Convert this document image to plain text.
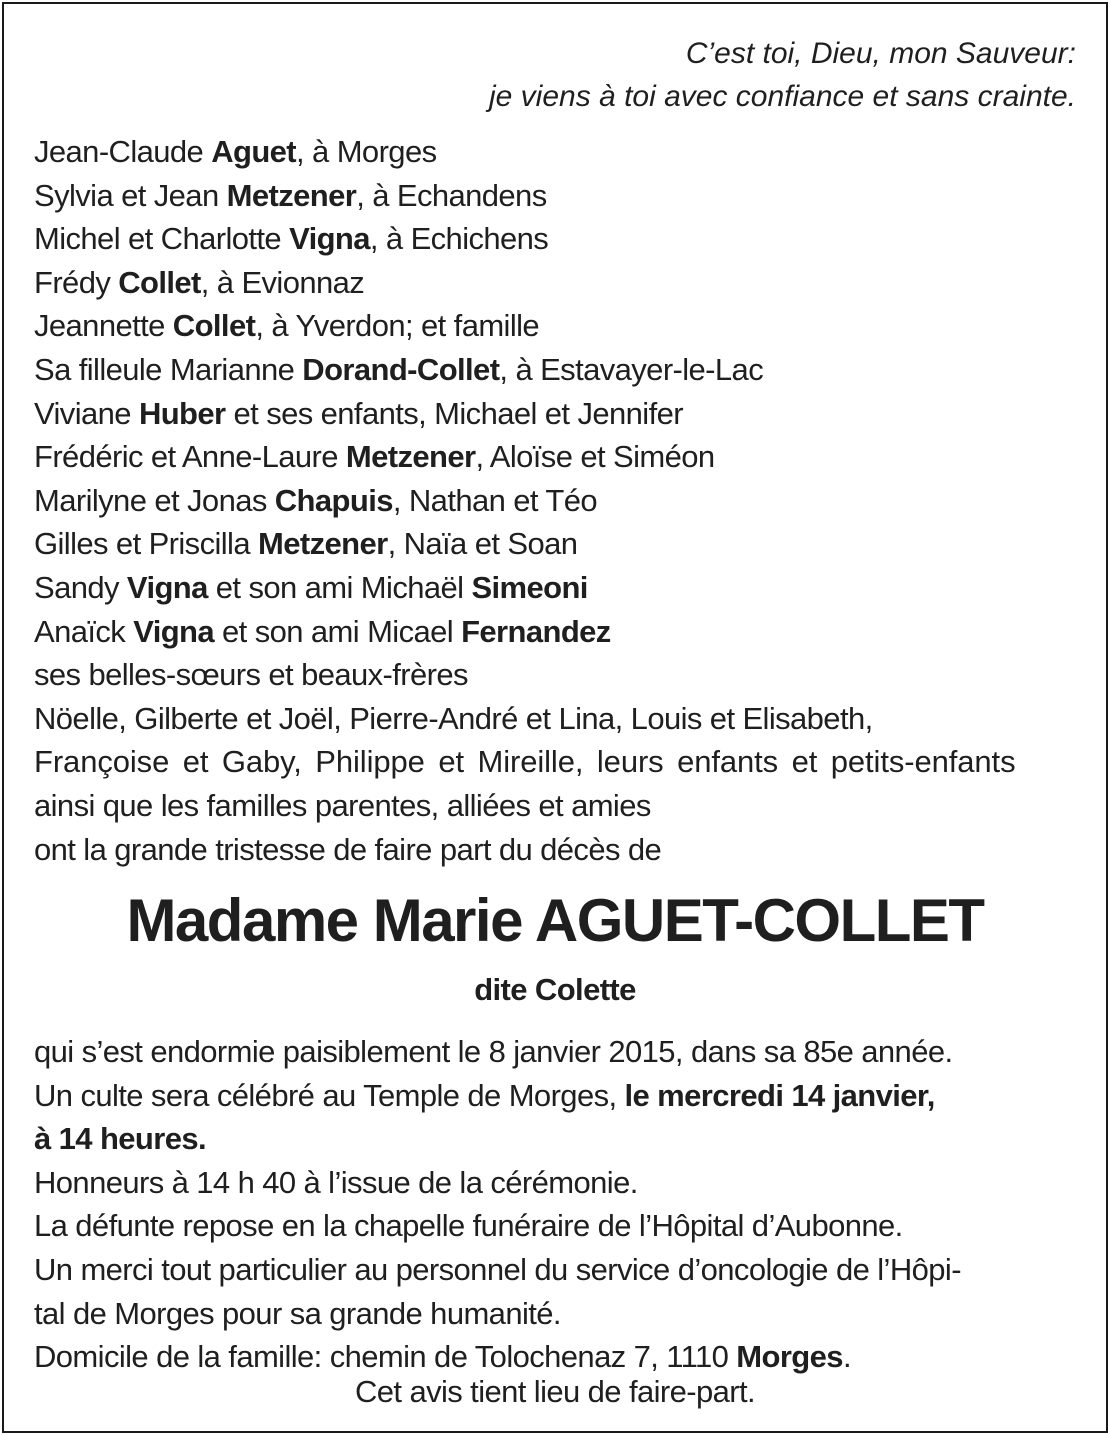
C’est toi, Dieu, mon Sauveur:
je viens à toi avec confiance et sans crainte.
Jean-Claude Aguet, à Morges
Sylvia et Jean Metzener, à Echandens
Michel et Charlotte Vigna, à Echichens
Frédy Collet, à Evionnaz
Jeannette Collet, à Yverdon; et famille
Sa filleule Marianne Dorand-Collet, à Estavayer-le-Lac
Viviane Huber et ses enfants, Michael et Jennifer
Frédéric et Anne-Laure Metzener, Aloïse et Siméon
Marilyne et Jonas Chapuis, Nathan et Téo
Gilles et Priscilla Metzener, Naïa et Soan
Sandy Vigna et son ami Michaël Simeoni
Anaïck Vigna et son ami Micael Fernandez
ses belles-sœurs et beaux-frères
Nöelle, Gilberte et Joël, Pierre-André et Lina, Louis et Elisabeth,
Françoise et Gaby, Philippe et Mireille, leurs enfants et petits-enfants
ainsi que les familles parentes, alliées et amies
ont la grande tristesse de faire part du décès de
Madame Marie AGUET-COLLET
dite Colette
qui s’est endormie paisiblement le 8 janvier 2015, dans sa 85e année.
Un culte sera célébré au Temple de Morges, le mercredi 14 janvier,
à 14 heures.
Honneurs à 14 h 40 à l’issue de la cérémonie.
La défunte repose en la chapelle funéraire de l’Hôpital d’Aubonne.
Un merci tout particulier au personnel du service d’oncologie de l’Hôpi-
tal de Morges pour sa grande humanité.
Domicile de la famille: chemin de Tolochenaz 7, 1110 Morges.
Cet avis tient lieu de faire-part.
